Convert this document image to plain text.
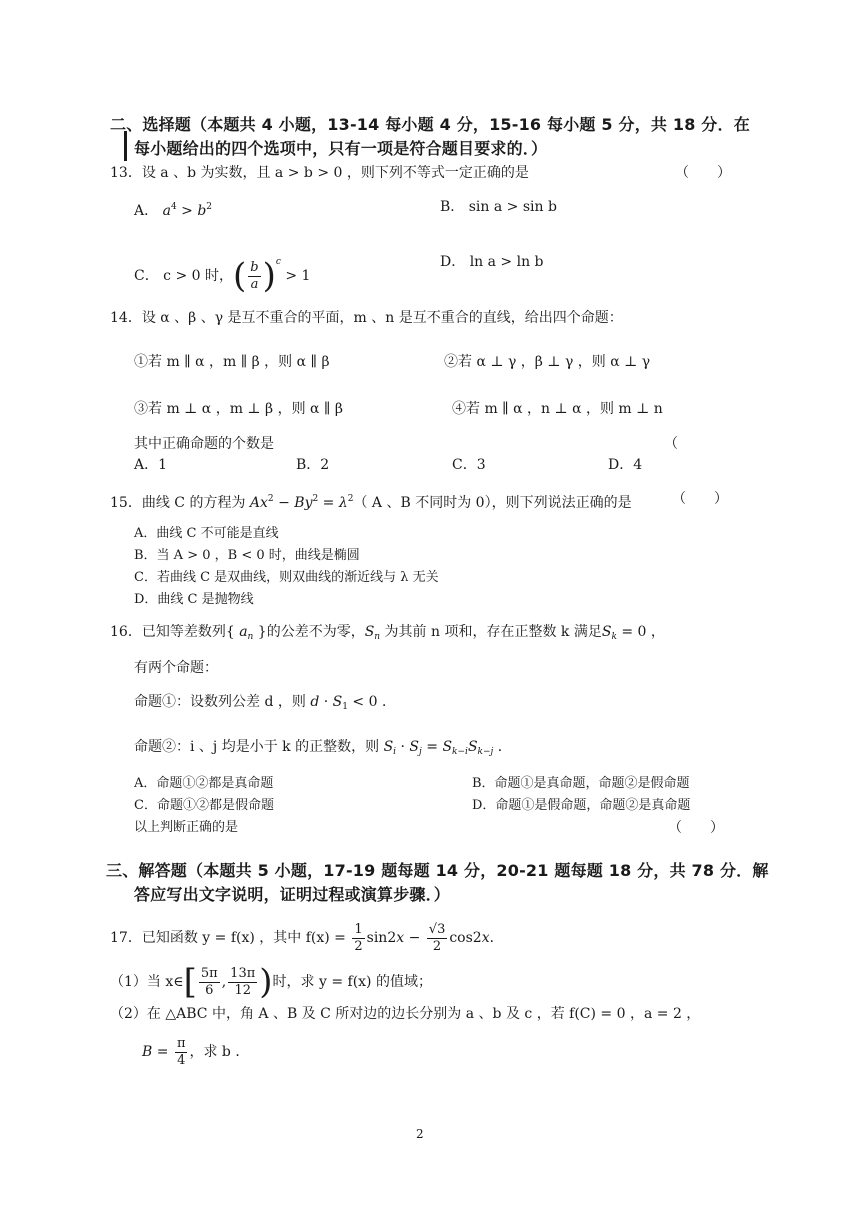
二、选择题（本题共 4 小题，13-14 每小题 4 分，15-16 每小题 5 分，共 18 分．在
每小题给出的四个选项中，只有一项是符合题目要求的．）
13．设 a 、b 为实数，且 a > b > 0 ，则下列不等式一定正确的是	（　　）
A． $a^4 > b^2$	B． sin a > sin b
C． c > 0 时，( $\frac{b}{a} )^c > 1$
D． ln a > ln b
14．设 α 、β 、γ 是互不重合的平面，m 、n 是互不重合的直线，给出四个命题：
①若 m ∥ α ，m ∥ β ，则 α ∥ β	②若 α ⊥ γ ，β ⊥ γ ，则 α ⊥ γ
③若 m ⊥ α ，m ⊥ β ，则 α ∥ β	④若 m ∥ α ，n ⊥ α ，则 m ⊥ n
其中正确命题的个数是	（
A．1	B．2	C．3	D．4
15．曲线 C 的方程为 $Ax^2 - By^2 = \lambda^2$（ A 、B 不同时为 0），则下列说法正确的是	（　　）
A．曲线 C 不可能是直线
B．当 A > 0 ，B < 0 时，曲线是椭圆
C．若曲线 C 是双曲线，则双曲线的渐近线与 λ 无关
D．曲线 C 是抛物线
16．已知等差数列{ $a_n$ }的公差不为零，$S_n$ 为其前 n 项和，存在正整数 k 满足$S_k = 0$ ，
有两个命题：
命题①：设数列公差 d ，则 $d \cdot S_1 < 0$ ．
命题②：i 、j 均是小于 k 的正整数，则 $S_i \cdot S_j = S_{k-i}S_{k-j}$ ．
A．命题①②都是真命题	B．命题①是真命题，命题②是假命题
C．命题①②都是假命题	D．命题①是假命题，命题②是真命题
以上判断正确的是	（　　）
三、解答题（本题共 5 小题，17-19 题每题 14 分，20-21 题每题 18 分，共 78 分．解
答应写出文字说明，证明过程或演算步骤．）
17．已知函数 y = f(x) ，其中 $f(x) = \frac{1}{2} \sin 2x - \frac{√3}{2} \cos 2x$．
（1）当 x∈[ $\frac{5\pi}{6}$ , $\frac{13\pi}{12}$ )时，求 y = f(x) 的值域；
（2）在 △ABC 中，角 A 、B 及 C 所对边的边长分别为 a 、b 及 c ，若 f(C) = 0 ，a = 2 ，
$B = \frac{\pi}{4}$ ，求 b ．
2
